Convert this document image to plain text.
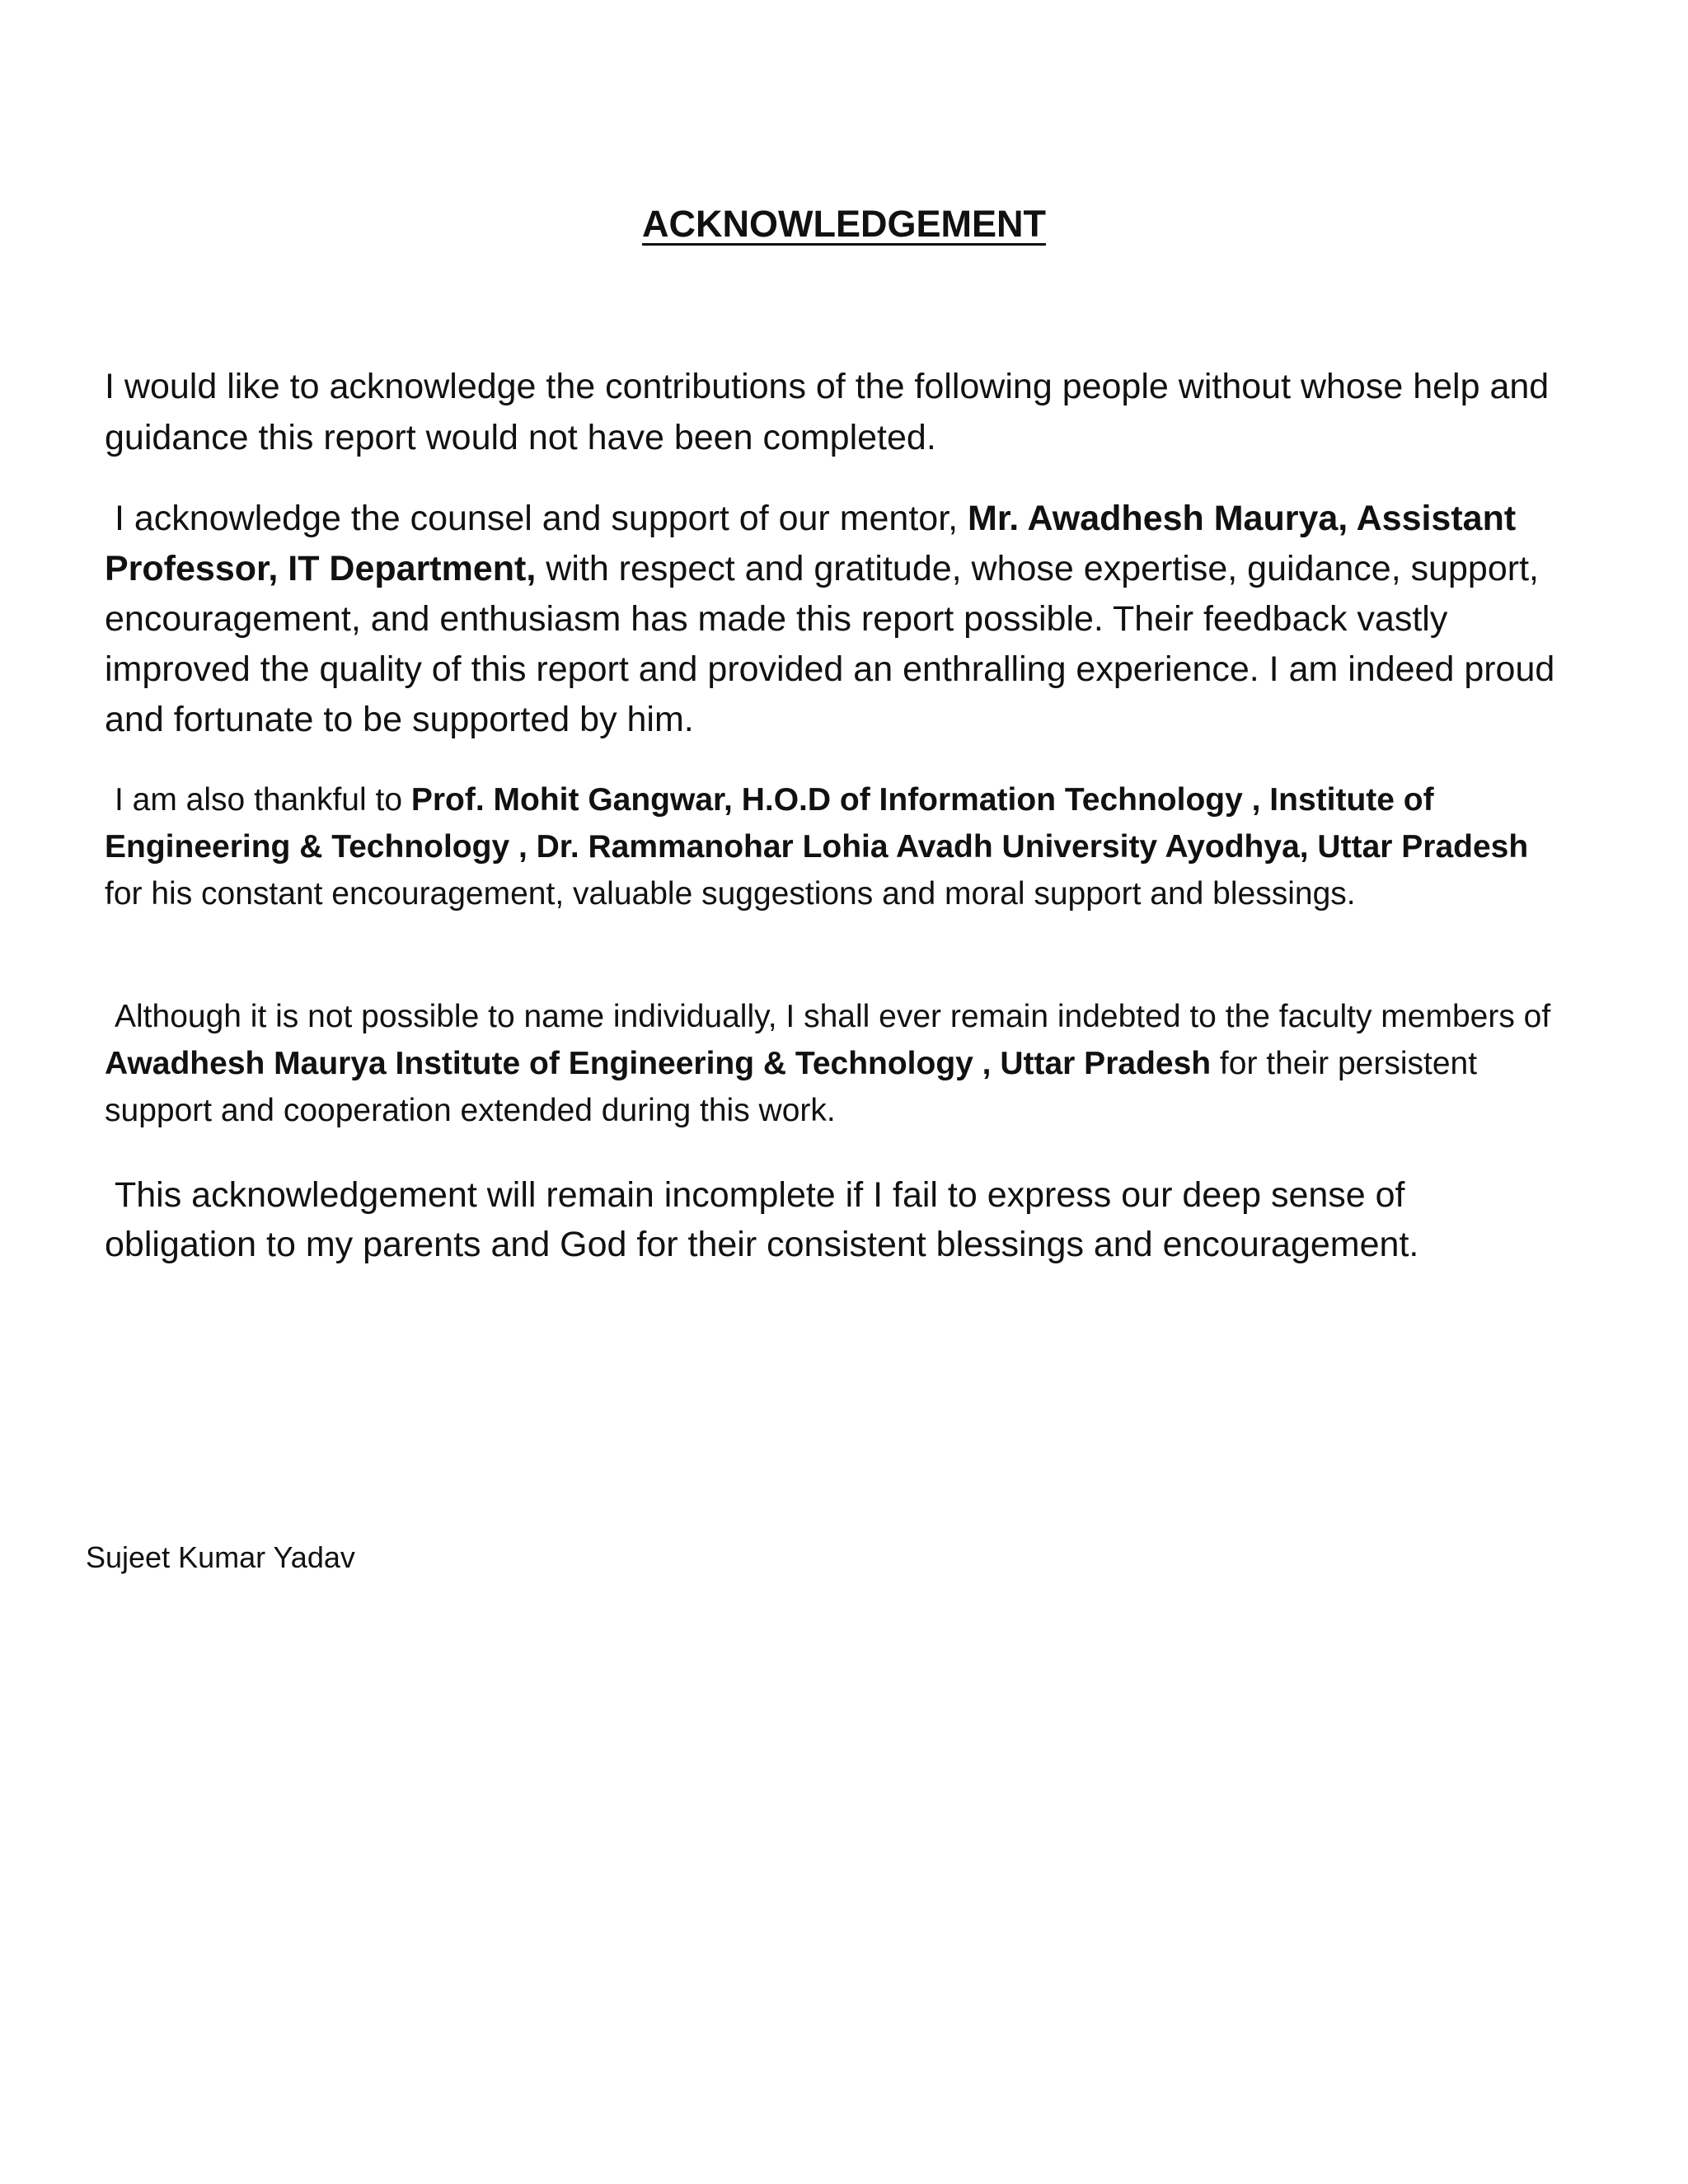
ACKNOWLEDGEMENT

I would like to acknowledge the contributions of the following people without whose help and guidance this report would not have been completed.

I acknowledge the counsel and support of our mentor, Mr. Awadhesh Maurya, Assistant Professor, IT Department, with respect and gratitude, whose expertise, guidance, support, encouragement, and enthusiasm has made this report possible. Their feedback vastly improved the quality of this report and provided an enthralling experience. I am indeed proud and fortunate to be supported by him.

I am also thankful to Prof. Mohit Gangwar, H.O.D of Information Technology , Institute of Engineering & Technology , Dr. Rammanohar Lohia Avadh University Ayodhya, Uttar Pradesh for his constant encouragement, valuable suggestions and moral support and blessings.

Although it is not possible to name individually, I shall ever remain indebted to the faculty members of Awadhesh Maurya Institute of Engineering & Technology , Uttar Pradesh for their persistent support and cooperation extended during this work.

This acknowledgement will remain incomplete if I fail to express our deep sense of obligation to my parents and God for their consistent blessings and encouragement.

Sujeet Kumar Yadav
